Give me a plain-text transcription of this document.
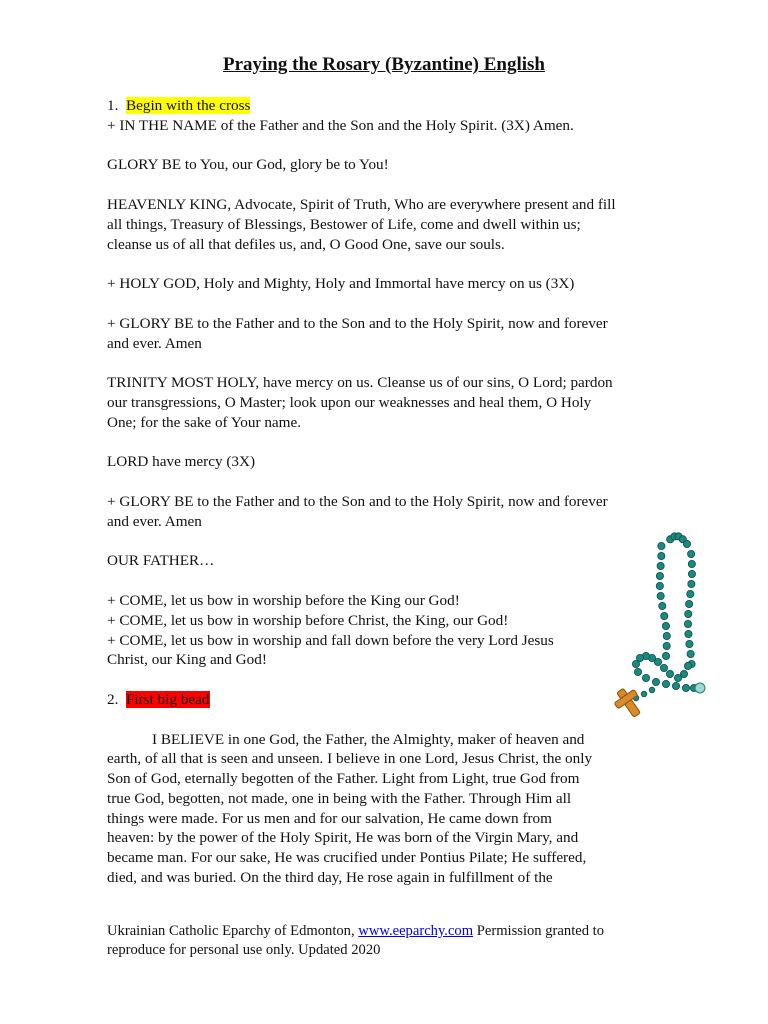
Praying the Rosary (Byzantine) English
1. Begin with the cross

+ IN THE NAME of the Father and the Son and the Holy Spirit. (3X) Amen.

GLORY BE to You, our God, glory be to You!

HEAVENLY KING, Advocate, Spirit of Truth, Who are everywhere present and fill
all things, Treasury of Blessings, Bestower of Life, come and dwell within us;
cleanse us of all that defiles us, and, O Good One, save our souls.

+ HOLY GOD, Holy and Mighty, Holy and Immortal have mercy on us (3X)

+ GLORY BE to the Father and to the Son and to the Holy Spirit, now and forever
and ever. Amen

TRINITY MOST HOLY, have mercy on us. Cleanse us of our sins, O Lord; pardon
our transgressions, O Master; look upon our weaknesses and heal them, O Holy
One; for the sake of Your name.

LORD have mercy (3X)

+ GLORY BE to the Father and to the Son and to the Holy Spirit, now and forever
and ever. Amen

OUR FATHER…

+ COME, let us bow in worship before the King our God!
+ COME, let us bow in worship before Christ, the King, our God!
+ COME, let us bow in worship and fall down before the very Lord Jesus
Christ, our King and God!

2. First big bead

I BELIEVE in one God, the Father, the Almighty, maker of heaven and
earth, of all that is seen and unseen. I believe in one Lord, Jesus Christ, the only
Son of God, eternally begotten of the Father. Light from Light, true God from
true God, begotten, not made, one in being with the Father. Through Him all
things were made. For us men and for our salvation, He came down from
heaven: by the power of the Holy Spirit, He was born of the Virgin Mary, and
became man. For our sake, He was crucified under Pontius Pilate; He suffered,
died, and was buried. On the third day, He rose again in fulfillment of the

Ukrainian Catholic Eparchy of Edmonton, www.eeparchy.com Permission granted to
reproduce for personal use only. Updated 2020
